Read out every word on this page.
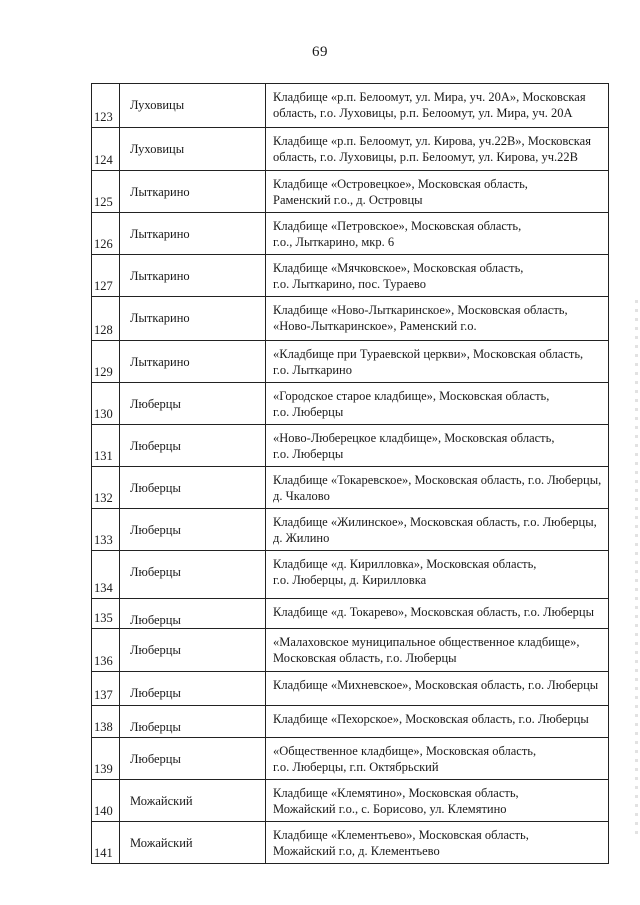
69
123	Луховицы	Кладбище «р.п. Белоомут, ул. Мира, уч. 20А», Московская
область, г.о. Луховицы, р.п. Белоомут, ул. Мира, уч. 20А

124	Луховицы	Кладбище «р.п. Белоомут, ул. Кирова, уч.22В», Московская
область, г.о. Луховицы, р.п. Белоомут, ул. Кирова, уч.22В

125	Лыткарино	Кладбище «Островецкое», Московская область,
Раменский г.о., д. Островцы

126	Лыткарино	Кладбище «Петровское», Московская область,
г.о., Лыткарино, мкр. 6

127	Лыткарино	Кладбище «Мячковское», Московская область,
г.о. Лыткарино, пос. Тураево

128	Лыткарино	Кладбище «Ново-Лыткаринское», Московская область,
«Ново-Лыткаринское», Раменский г.о.

129	Лыткарино	«Кладбище при Тураевской церкви», Московская область,
г.о. Лыткарино

130	Люберцы	«Городское старое кладбище», Московская область,
г.о. Люберцы

131	Люберцы	«Ново-Люберецкое кладбище», Московская область,
г.о. Люберцы

132	Люберцы	Кладбище «Токаревское», Московская область, г.о. Люберцы,
д. Чкалово

133	Люберцы	Кладбище «Жилинское», Московская область, г.о. Люберцы,
д. Жилино

134	Люберцы	Кладбище «д. Кирилловка», Московская область,
г.о. Люберцы, д. Кирилловка

135	Люберцы	Кладбище «д. Токарево», Московская область, г.о. Люберцы

136	Люберцы	«Малаховское муниципальное общественное кладбище»,
Московская область, г.о. Люберцы

137	Люберцы	Кладбище «Михневское», Московская область, г.о. Люберцы

138	Люберцы	Кладбище «Пехорское», Московская область, г.о. Люберцы

139	Люберцы	«Общественное кладбище», Московская область,
г.о. Люберцы, г.п. Октябрьский

140	Можайский	Кладбище «Клемятино», Московская область,
Можайский г.о., с. Борисово, ул. Клемятино

141	Можайский	Кладбище «Клементьево», Московская область,
Можайский г.о, д. Клементьево
